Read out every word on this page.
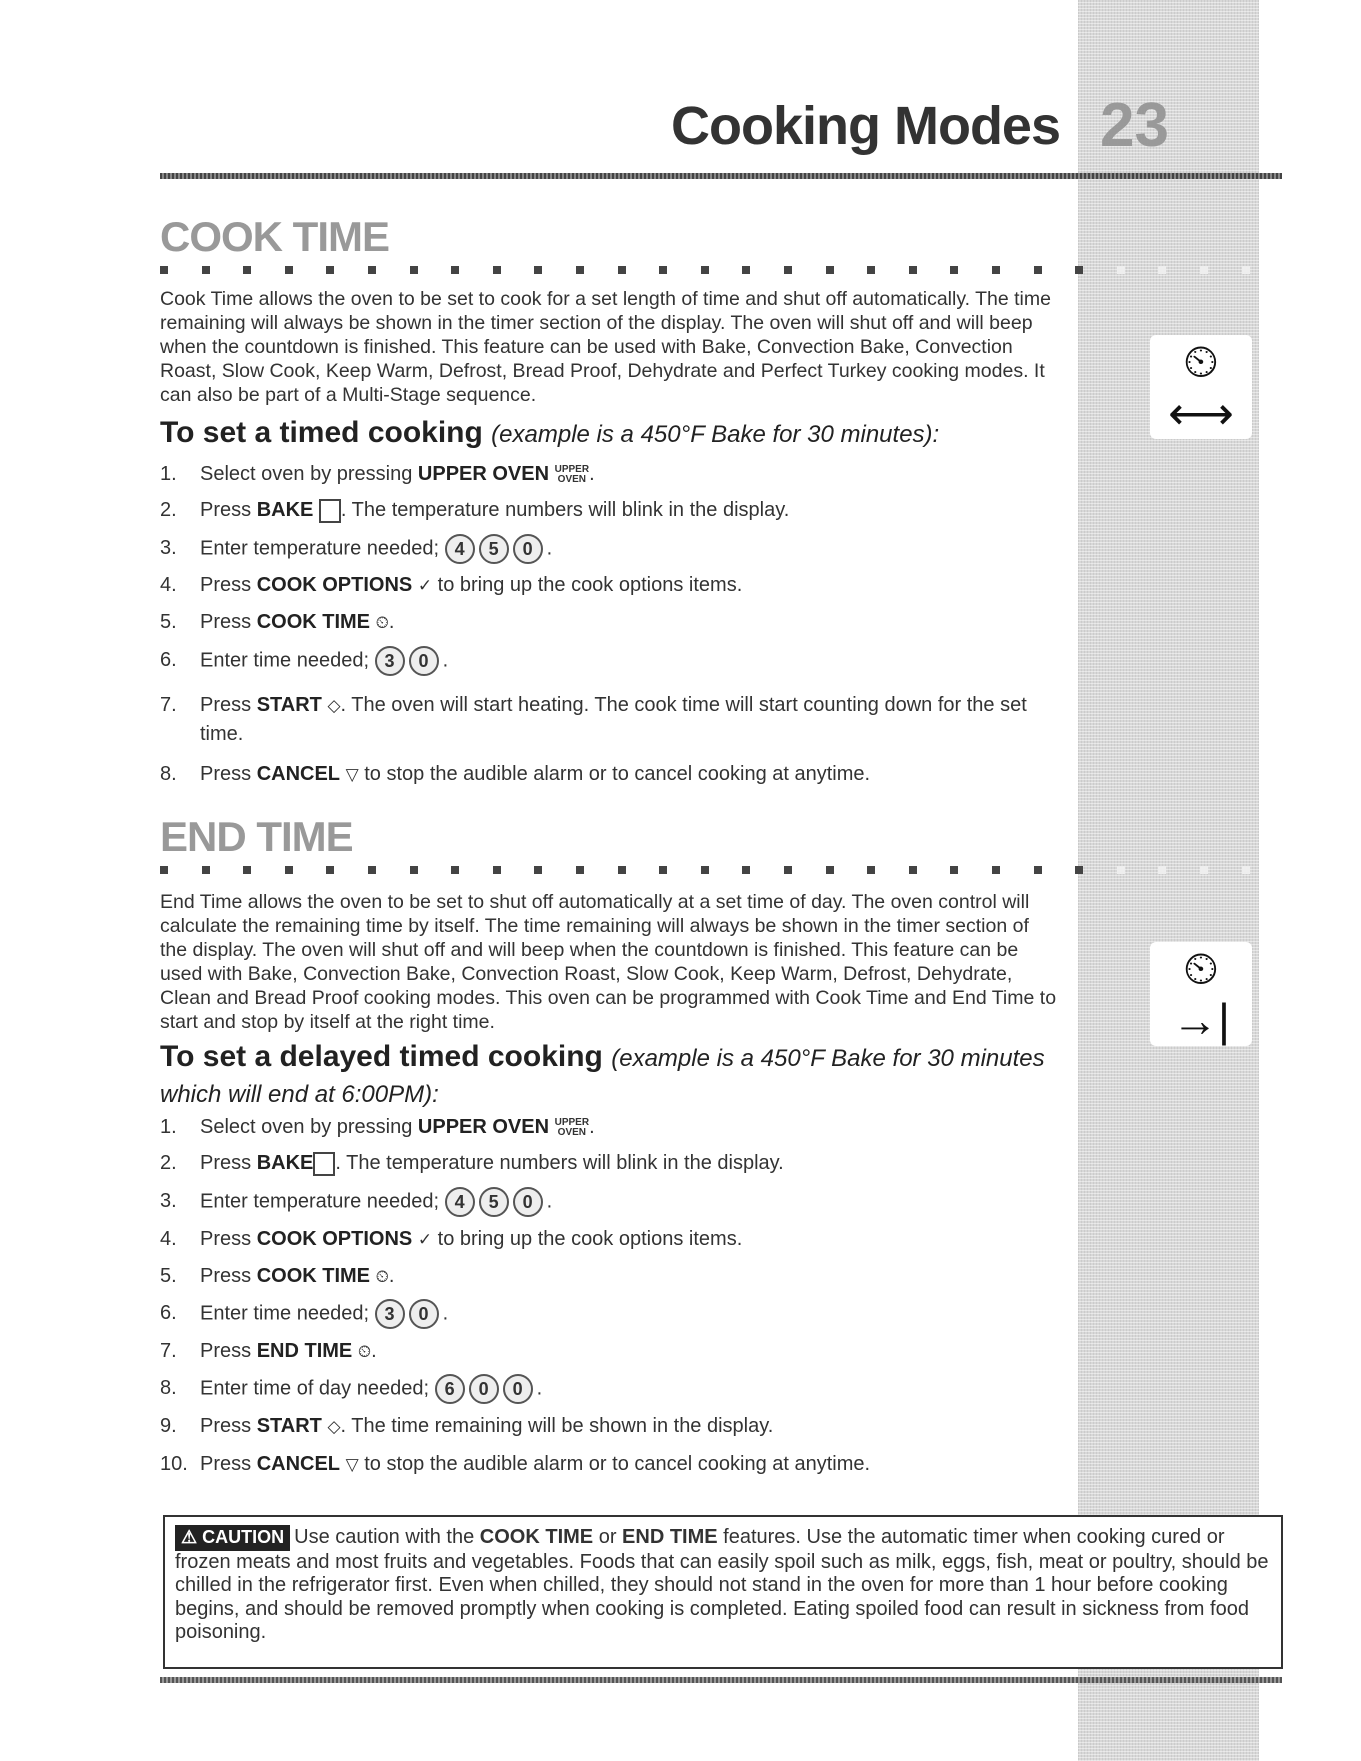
Cooking Modes 23
COOK TIME
Cook Time allows the oven to be set to cook for a set length of time and shut off automatically. The time remaining will always be shown in the timer section of the display. The oven will shut off and will beep when the countdown is finished. This feature can be used with Bake, Convection Bake, Convection Roast, Slow Cook, Keep Warm, Defrost, Bread Proof, Dehydrate and Perfect Turkey cooking modes. It can also be part of a Multi-Stage sequence.
To set a timed cooking (example is a 450°F Bake for 30 minutes):
1. Select oven by pressing UPPER OVEN UPPER
OVEN .
2. Press BAKE . The temperature numbers will blink in the display.
3. Enter temperature needed; 4 5 0 .
4. Press COOK OPTIONS ✓ to bring up the cook options items.
5. Press COOK TIME ⏲.
6. Enter time needed; 3 0 .
7.	Press START ◇. The oven will start heating. The cook time will start counting down for the set time.
8. Press CANCEL ▽ to stop the audible alarm or to cancel cooking at anytime.
⏲
⟷
END TIME
End Time allows the oven to be set to shut off automatically at a set time of day. The oven control will calculate the remaining time by itself. The time remaining will always be shown in the timer section of the display. The oven will shut off and will beep when the countdown is finished. This feature can be used with Bake, Convection Bake, Convection Roast, Slow Cook, Keep Warm, Defrost, Dehydrate, Clean and Bread Proof cooking modes. This oven can be programmed with Cook Time and End Time to start and stop by itself at the right time.
To set a delayed timed cooking (example is a 450°F Bake for 30 minutes which will end at 6:00PM):
1. Select oven by pressing UPPER OVEN UPPER
OVEN .
2. Press BAKE . The temperature numbers will blink in the display.
3. Enter temperature needed; 4 5 0 .
4. Press COOK OPTIONS ✓ to bring up the cook options items.
5. Press COOK TIME ⏲.
6. Enter time needed; 3 0 .
7. Press END TIME ⏲.
8. Enter time of day needed; 6 0 0 .
9. Press START ◇. The time remaining will be shown in the display.
10. Press CANCEL ▽ to stop the audible alarm or to cancel cooking at anytime.
⏲
→|
⚠ CAUTION Use caution with the COOK TIME or END TIME features. Use the automatic timer when cooking cured or frozen meats and most fruits and vegetables. Foods that can easily spoil such as milk, eggs, fish, meat or poultry, should be chilled in the refrigerator first. Even when chilled, they should not stand in the oven for more than 1 hour before cooking begins, and should be removed promptly when cooking is completed. Eating spoiled food can result in sickness from food poisoning.
